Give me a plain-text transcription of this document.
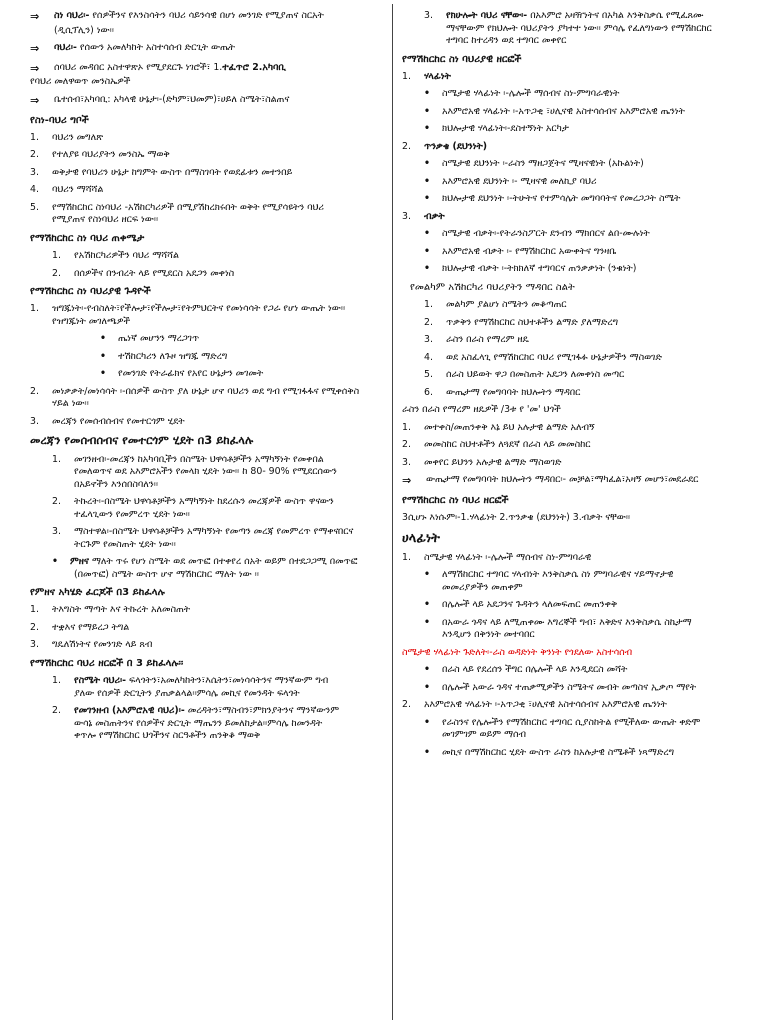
⇒	ስነ ባህሪ፡- የሰዎችንና የእንስሳትን ባህሪ ሳይንሳዊ በሆነ መንገድ የሚያጠና ስርአት
(ዲሲፕሊን) ነው፡፡
⇒	ባህሪ፡- የሰውን አመለካከት አስተሳሰብ ድርጊት ውጤት
⇒	ሰባህሪ መዳበር አስተዋጽኦ የሚያደርጉ ነገሮች፣ 1.ተፈጥሮ 2.አካባቢ
የባህሪ መለዋወጥ መንስኤዎች
⇒	ቤተሰብ፣አካባቢ: አካላዊ ሁኔታ፡-(ድካም፣ህመም)፣ሀይለ ስሜት፣ስልጠና
የስነ-ባህሪ ግቦች
1.	ባህሪን መግለጽ
2.	የተለያዩ ባህሪያትን መንስኤ ማወቅ
3.	ወቅታዊ የባህሪን ሁኔታ ከግምት ውስጥ በማስገባት የወደፊቱን መተንበይ
4.	ባህሪን ማሻሻል
5.	የማሽከርከር ስነባህሪ -አሽከርካሪዎች በሚያሽከረክሩበት ወቅት የሚያሳዩትን ባህሪ
የሚያጠና የስነባህሪ ዘርፍ ነው፡፡
የማሽከርከር ስነ ባህሪ ጠቀሜታ
1.	የአሽከርካሪዎችን ባህሪ ማሻሻል
2.	በሰዎችና በንብረት ላይ የሚደርስ አደጋን መቀነስ
የማሽከርከር ስነ ባህሪያዊ ጉዳዮች
1.	ዝግጁነት፡-የብስለት፣የችሎታ፣የችሎታ፣የትምህርትና የመነሳሳት የጋራ የሆነ ውጤት ነው፡፡
የዝግጁነት መገለጫዎች
•	ጤነኛ መሆንን ማረጋገጥ
•	ተሽከርካሪን ለጉዞ ዝግጁ ማድረግ
•	የመንገድ የትራፊክና የአየር ሁኔታን መገመት
2.	መነቃቃት/መነሳሳት ፡-በሰዎች ውስጥ ያለ ሁኔታ ሆኖ ባህሪን ወደ ግብ የሚገፋፋና የሚቀሰቅስ
ሃይል ነው፡፡
3.	መረጃን የመሰብሰብና የመተርጎም ሂደት
መረጃን የመሰብሰብና የመተርጎም ሂደት በ3 ይከፈላሉ
1.	መገንዘብ፡-መረጃን ከአካባቢችን በስሜት ህዋሳቶቻችን አማካኝነት የመቀበል
የመለወጥና ወደ አእምሮአችን የመላክ ሂደት ነው፡፡ ከ 80- 90% የሚደርሰውን
በአይኖችን እንሰበስባለን፡፡
2.	ትኩረት፡-በስሜት ህዋሳቶቻችን አማካኝነት ከደረሱን መረጃዎች ውስጥ ዋናውን
ተፈላጊውን የመምረጥ ሂደት ነው፡፡
3.	ማስተዋል፡-በስሜት ህዋሳቶቻችን አማካኝነት የመጣን መረጃ የመምረጥ የማቀናበርና
ትርጉም የመስጠት ሂደት ነው፡፡
•	ምዘና ማለት ጥሩ የሆነ ስሜት ወደ መጥፎ በተቀየረ ሰአት ወይም በተደጋጋሚ በመጥፎ
(በመጥፎ) ስሜት ውስጥ ሆኖ ማሽከርከር ማለት ነው ፡፡
የምዘና አካሄድ ፈርጆች በ3 ይከፈላሉ
1.	ትእግስት ማጣት እና ትኩረት አለመስጠት
2.	ተቋእና የማይረጋ ትግል
3.	ግዴለሽነትና የመንገድ ላይ ጸብ
የማሽከርከር ባህሪ ዘርፎች በ 3 ይከፈላሉ፡፡
1.	የስሜት ባህሪ፡- ፍላጎትን፣አመለካከትን፣እሴትን፣መነሳሳትንና ማንኛውም ግብ
ያለው የሰዎች ድርጊትን ያጠቃልላል፡፡ምሳሌ መኪና የመንዳት ፍላጎት
2.	የመገንዘብ (አእምሮአዊ ባህሪ)፡- መረዳትን፣ማስብን፣ምክንያትንና ማንኛውንም
ውሳኔ መስጠትንና የሰዎችና ድርጊት ማጤንን ይመለከታል፡፡ምሳሌ ከመንዳት
ቀጥሎ የማሽከርከር ህጎችንና ስርዓቶችን ጠንቅቆ ማወቅ
3.	የክሁሎት ባህሪ ናቸው፡- በአእምሮ አዛዥነትና በአካል እንቅስቃሴ የሚፈጸሙ
ማናቸውም የክህሎት ባህሪያትን ያካተተ ነው፡፡ ምሳሌ የፈለግነውን የማሽከርከር
ተግባር ከተረዳን ወደ ተግባር መቀየር
የማሽከርከር ስነ ባህሪያዊ ዘርፎች
1.	ሃላፊነት
•	ስሜታዊ ሃላፊነት ፡-ሌሎች ማሰብና ስነ-ምግባራዊነት
•	አእምሮአዊ ሃላፊነት ፡-አጥጋቂ ፣ሀሊናዊ አስተሳሰብና አእምሮአዊ ጤንነት
•	ክህሎታዊ ሃላፊነት፡-ደስተኝነት አርካታ
2.	ጥንቃቄ (ደህንነት)
•	ስሜታዊ ደህንነት ፡-ራስን ማዘጋጀትና ሚዛናዊነት (አኩልነት)
•	አእምሮአዊ ደህንነት ፡- ሚዛናዊ መለኪያ ባህሪ
•	ክህሎታዊ ደህንነት ፡-ትሁትና የተምሳሌት መግባባትና የመረጋጋት ስሜት
3.	ብቃት
•	ስሜታዊ ብቃት፡-የትራንስፖርት ደንብን ማክበርና ልበ-ሙሉነት
•	አእምሮአዊ ብቃት ፡- የማሽከርከር አውቀትና ግንዛቤ
•	ክህሎታዊ ብቃት ፡-ትክክለኛ ተግባርና ጠንቃቃነት (ንቁነት)
የመልካም አሽከርካሪ ባህሪያትን ማዳበር ስልት
1.	መልካም ያልሆነ ስሜትን መቆጣጠር
2.	ጥቃቅን የማሽከርከር ስህተቶችን ልማድ ያለማድረግ
3.	ራስን በራስ የማረም ዘዴ
4.	ወደ አስፈላጊ የማሽከርከር ባህሪ የሚገፋፉ ሁኔታዎችን ማስወገድ
5.	ሰራስ ህይወት ዋጋ በመስጠት አደጋን ለመቀነስ መጣር
6.	ውጤታማ የመግባባት ክህሎትን ማዳበር
ራስን በራስ የማረም ዘዴዎች /3ቱ የ 'መ' ህጎች
1.	መተቀስ/መጠንቀቅ እኔ ይህ አሉታዊ ልማድ አለብኝ
2.	መመስከር ስህተቶችን ለጓደኛ በራስ ላይ መመስከር
3.	መቀየር ይህንን አሉታዊ ልማድ ማስወገድ
⇒	ውጤታማ የመግባባት ክህሎትን ማዳበር፡- መቻል፣ማካፈል፣አዛኝ መሆን፣መደራደር
የማሽከርከር ስነ ባህሪ ዘርፎች
3ሲሆኑ እነሱም፡-1.ሃላፊነት 2.ጥንቃቄ (ደህንነት) 3.ብቃት ናቸው፡፡
ሀላፊነት
1.	ስሜታዊ ሃላፊነት ፡-ሌሎች ማሰብና ስነ-ምግባራዊ
•	ለማሽከርከር ተግባር ሃላብነት እንቅስቃሴ ስነ ምግባራዊና ሃይማኖታዊ
መመሪያዎችን መጠቀም
•	በሌሎች ላይ አደጋንና ጉዳትን ላለመፍጠር መጠንቀቅ
•	በአውራ ጎዳና ላይ ለሚጠቀሙ እግረኞች ግብ፣ እቅድና እንቅስቃሴ ስኬታማ
እንዲሆን በቅንነት መተባበር
ስሜታዊ ሃላፊነት ጉድለት፡-ራስ ወዳድነት ቅንነት የጎደለው አስተሳሰብ
•	በራስ ላይ የደረሰን ችግር በሌሎች ላይ እንዲደርስ መሻት
•	በሌሎች አውራ ጎዳና ተጠቃሚዎችን ስሜትና መብት መጣስና ኢቃጦ ማየት
2.	አእምሮአዊ ሃላፊነት ፡-አጥጋቂ ፣ሀሊናዊ አስተሳሰብና አእምሮአዊ ጤንነት
•	የራስንና የሌሎችን የማሽከርከር ተግባር ሲያስከትል የሚችለው ውጤት ቀድሞ
መገምገም ወይም ማሰብ
•	መኪና በማሽከርከር ሂደት ውስጥ ራስን ከአሉታዊ ስሜቶች ነጻማድረግ
